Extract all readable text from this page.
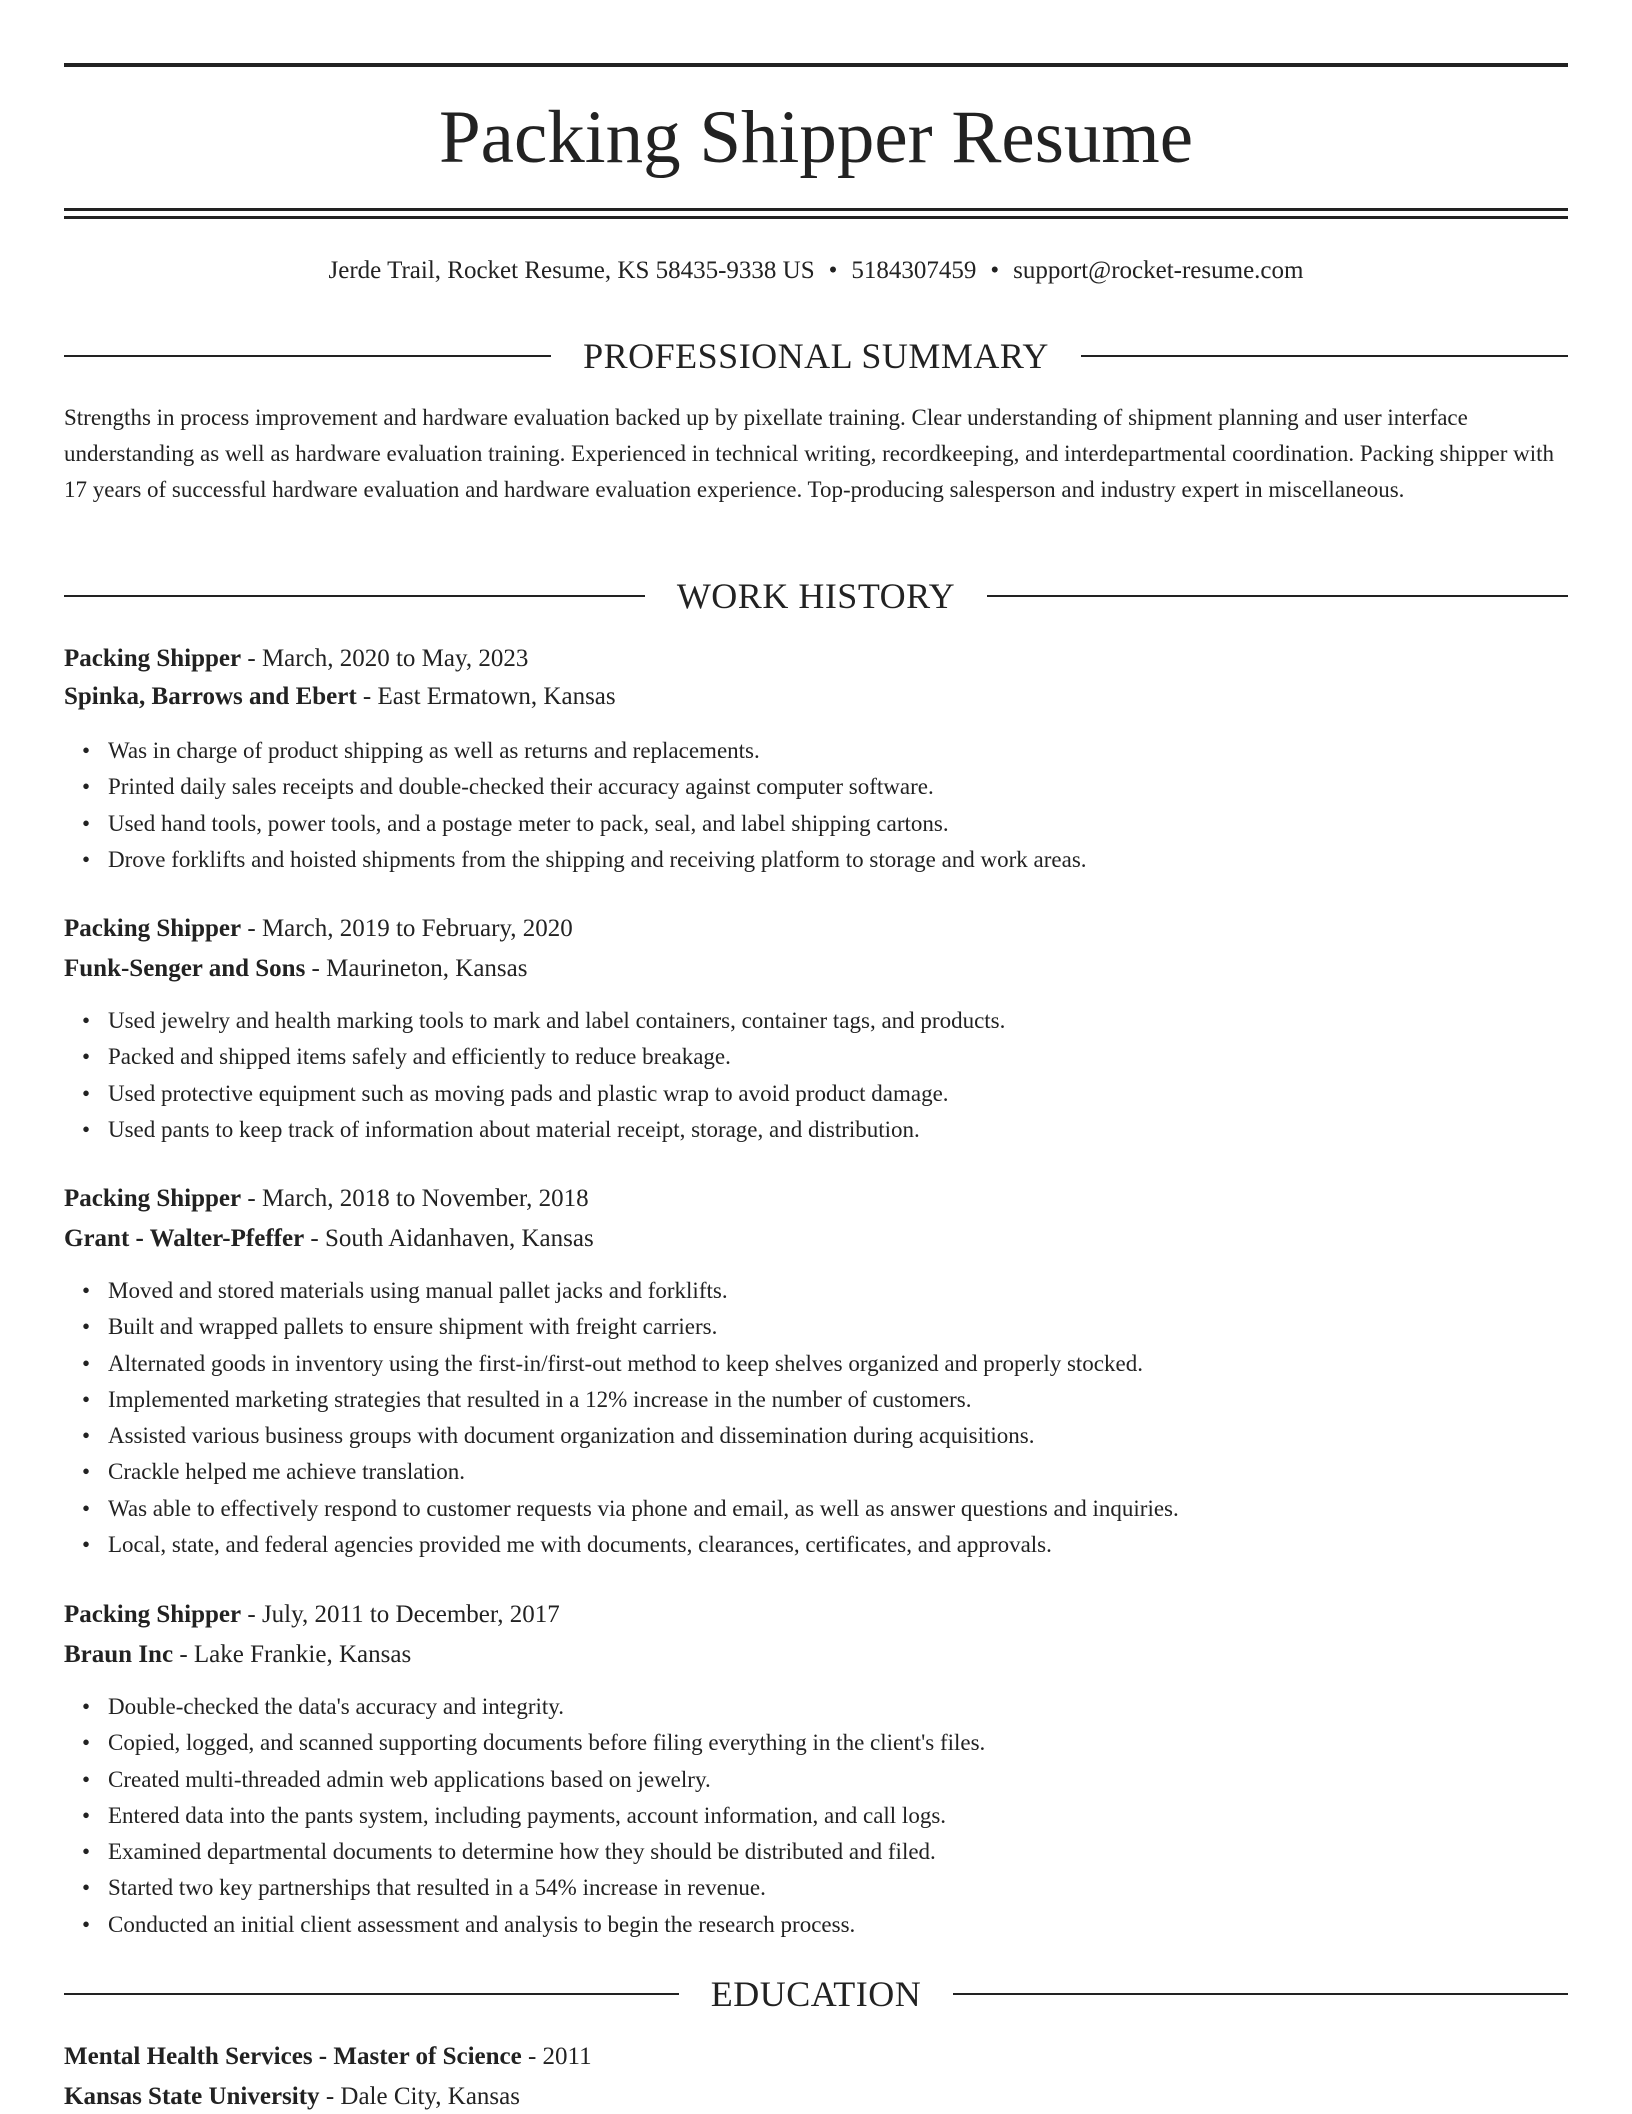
Packing Shipper Resume
Jerde Trail, Rocket Resume, KS 58435-9338 US • 5184307459 • support@rocket-resume.com
PROFESSIONAL SUMMARY

Strengths in process improvement and hardware evaluation backed up by pixellate training. Clear understanding of shipment planning and user interface understanding as well as hardware evaluation training. Experienced in technical writing, recordkeeping, and interdepartmental coordination. Packing shipper with 17 years of successful hardware evaluation and hardware evaluation experience. Top-producing salesperson and industry expert in miscellaneous.

WORK HISTORY
Packing Shipper - March, 2020 to May, 2023
Spinka, Barrows and Ebert - East Ermatown, Kansas
• Was in charge of product shipping as well as returns and replacements.
• Printed daily sales receipts and double-checked their accuracy against computer software.
• Used hand tools, power tools, and a postage meter to pack, seal, and label shipping cartons.
• Drove forklifts and hoisted shipments from the shipping and receiving platform to storage and work areas.
Packing Shipper - March, 2019 to February, 2020
Funk-Senger and Sons - Maurineton, Kansas
• Used jewelry and health marking tools to mark and label containers, container tags, and products.
• Packed and shipped items safely and efficiently to reduce breakage.
• Used protective equipment such as moving pads and plastic wrap to avoid product damage.
• Used pants to keep track of information about material receipt, storage, and distribution.
Packing Shipper - March, 2018 to November, 2018
Grant - Walter-Pfeffer - South Aidanhaven, Kansas
• Moved and stored materials using manual pallet jacks and forklifts.
• Built and wrapped pallets to ensure shipment with freight carriers.
• Alternated goods in inventory using the first-in/first-out method to keep shelves organized and properly stocked.
• Implemented marketing strategies that resulted in a 12% increase in the number of customers.
• Assisted various business groups with document organization and dissemination during acquisitions.
• Crackle helped me achieve translation.
• Was able to effectively respond to customer requests via phone and email, as well as answer questions and inquiries.
• Local, state, and federal agencies provided me with documents, clearances, certificates, and approvals.
Packing Shipper - July, 2011 to December, 2017
Braun Inc - Lake Frankie, Kansas
• Double-checked the data's accuracy and integrity.
• Copied, logged, and scanned supporting documents before filing everything in the client's files.
• Created multi-threaded admin web applications based on jewelry.
• Entered data into the pants system, including payments, account information, and call logs.
• Examined departmental documents to determine how they should be distributed and filed.
• Started two key partnerships that resulted in a 54% increase in revenue.
• Conducted an initial client assessment and analysis to begin the research process.
EDUCATION
Mental Health Services - Master of Science - 2011
Kansas State University - Dale City, Kansas
